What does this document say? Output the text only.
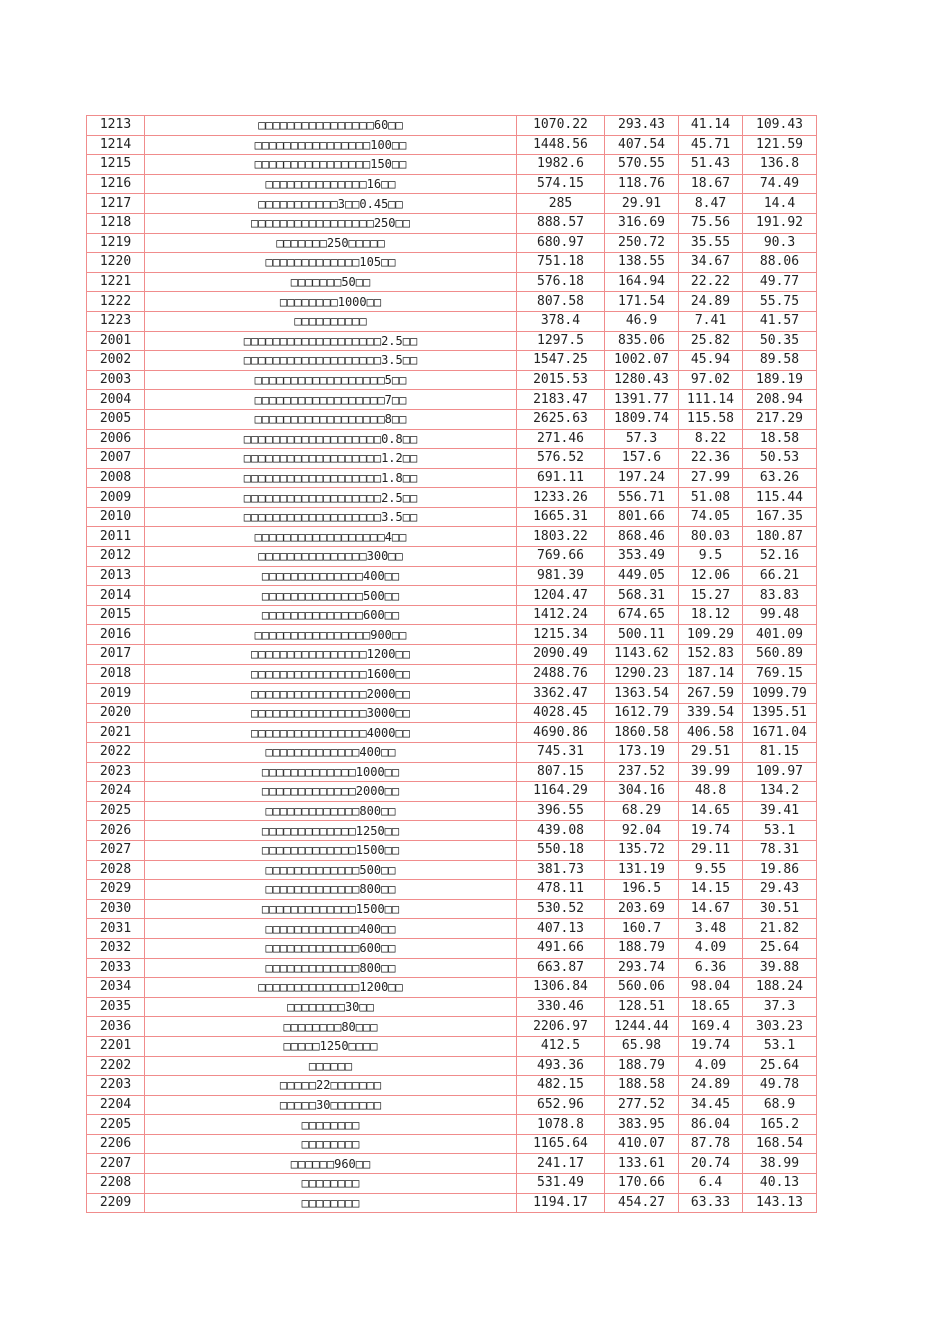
1213	□□□□□□□□□□□□□□□□60□□	1070.22	293.43	41.14	109.43
1214	□□□□□□□□□□□□□□□□100□□	1448.56	407.54	45.71	121.59
1215	□□□□□□□□□□□□□□□□150□□	1982.6	570.55	51.43	136.8
1216	□□□□□□□□□□□□□□16□□	574.15	118.76	18.67	74.49
1217	□□□□□□□□□□□3□□0.45□□	285	29.91	8.47	14.4
1218	□□□□□□□□□□□□□□□□□250□□	888.57	316.69	75.56	191.92
1219	□□□□□□□250□□□□□	680.97	250.72	35.55	90.3
1220	□□□□□□□□□□□□□105□□	751.18	138.55	34.67	88.06
1221	□□□□□□□50□□	576.18	164.94	22.22	49.77
1222	□□□□□□□□1000□□	807.58	171.54	24.89	55.75
1223	□□□□□□□□□□	378.4	46.9	7.41	41.57
2001	□□□□□□□□□□□□□□□□□□□2.5□□	1297.5	835.06	25.82	50.35
2002	□□□□□□□□□□□□□□□□□□□3.5□□	1547.25	1002.07	45.94	89.58
2003	□□□□□□□□□□□□□□□□□□5□□	2015.53	1280.43	97.02	189.19
2004	□□□□□□□□□□□□□□□□□□7□□	2183.47	1391.77	111.14	208.94
2005	□□□□□□□□□□□□□□□□□□8□□	2625.63	1809.74	115.58	217.29
2006	□□□□□□□□□□□□□□□□□□□0.8□□	271.46	57.3	8.22	18.58
2007	□□□□□□□□□□□□□□□□□□□1.2□□	576.52	157.6	22.36	50.53
2008	□□□□□□□□□□□□□□□□□□□1.8□□	691.11	197.24	27.99	63.26
2009	□□□□□□□□□□□□□□□□□□□2.5□□	1233.26	556.71	51.08	115.44
2010	□□□□□□□□□□□□□□□□□□□3.5□□	1665.31	801.66	74.05	167.35
2011	□□□□□□□□□□□□□□□□□□4□□	1803.22	868.46	80.03	180.87
2012	□□□□□□□□□□□□□□□300□□	769.66	353.49	9.5	52.16
2013	□□□□□□□□□□□□□□400□□	981.39	449.05	12.06	66.21
2014	□□□□□□□□□□□□□□500□□	1204.47	568.31	15.27	83.83
2015	□□□□□□□□□□□□□□600□□	1412.24	674.65	18.12	99.48
2016	□□□□□□□□□□□□□□□□900□□	1215.34	500.11	109.29	401.09
2017	□□□□□□□□□□□□□□□□1200□□	2090.49	1143.62	152.83	560.89
2018	□□□□□□□□□□□□□□□□1600□□	2488.76	1290.23	187.14	769.15
2019	□□□□□□□□□□□□□□□□2000□□	3362.47	1363.54	267.59	1099.79
2020	□□□□□□□□□□□□□□□□3000□□	4028.45	1612.79	339.54	1395.51
2021	□□□□□□□□□□□□□□□□4000□□	4690.86	1860.58	406.58	1671.04
2022	□□□□□□□□□□□□□400□□	745.31	173.19	29.51	81.15
2023	□□□□□□□□□□□□□1000□□	807.15	237.52	39.99	109.97
2024	□□□□□□□□□□□□□2000□□	1164.29	304.16	48.8	134.2
2025	□□□□□□□□□□□□□800□□	396.55	68.29	14.65	39.41
2026	□□□□□□□□□□□□□1250□□	439.08	92.04	19.74	53.1
2027	□□□□□□□□□□□□□1500□□	550.18	135.72	29.11	78.31
2028	□□□□□□□□□□□□□500□□	381.73	131.19	9.55	19.86
2029	□□□□□□□□□□□□□800□□	478.11	196.5	14.15	29.43
2030	□□□□□□□□□□□□□1500□□	530.52	203.69	14.67	30.51
2031	□□□□□□□□□□□□□400□□	407.13	160.7	3.48	21.82
2032	□□□□□□□□□□□□□600□□	491.66	188.79	4.09	25.64
2033	□□□□□□□□□□□□□800□□	663.87	293.74	6.36	39.88
2034	□□□□□□□□□□□□□□1200□□	1306.84	560.06	98.04	188.24
2035	□□□□□□□□30□□	330.46	128.51	18.65	37.3
2036	□□□□□□□□80□□□	2206.97	1244.44	169.4	303.23
2201	□□□□□1250□□□□	412.5	65.98	19.74	53.1
2202	□□□□□□	493.36	188.79	4.09	25.64
2203	□□□□□22□□□□□□□	482.15	188.58	24.89	49.78
2204	□□□□□30□□□□□□□	652.96	277.52	34.45	68.9
2205	□□□□□□□□	1078.8	383.95	86.04	165.2
2206	□□□□□□□□	1165.64	410.07	87.78	168.54
2207	□□□□□□960□□	241.17	133.61	20.74	38.99
2208	□□□□□□□□	531.49	170.66	6.4	40.13
2209	□□□□□□□□	1194.17	454.27	63.33	143.13
